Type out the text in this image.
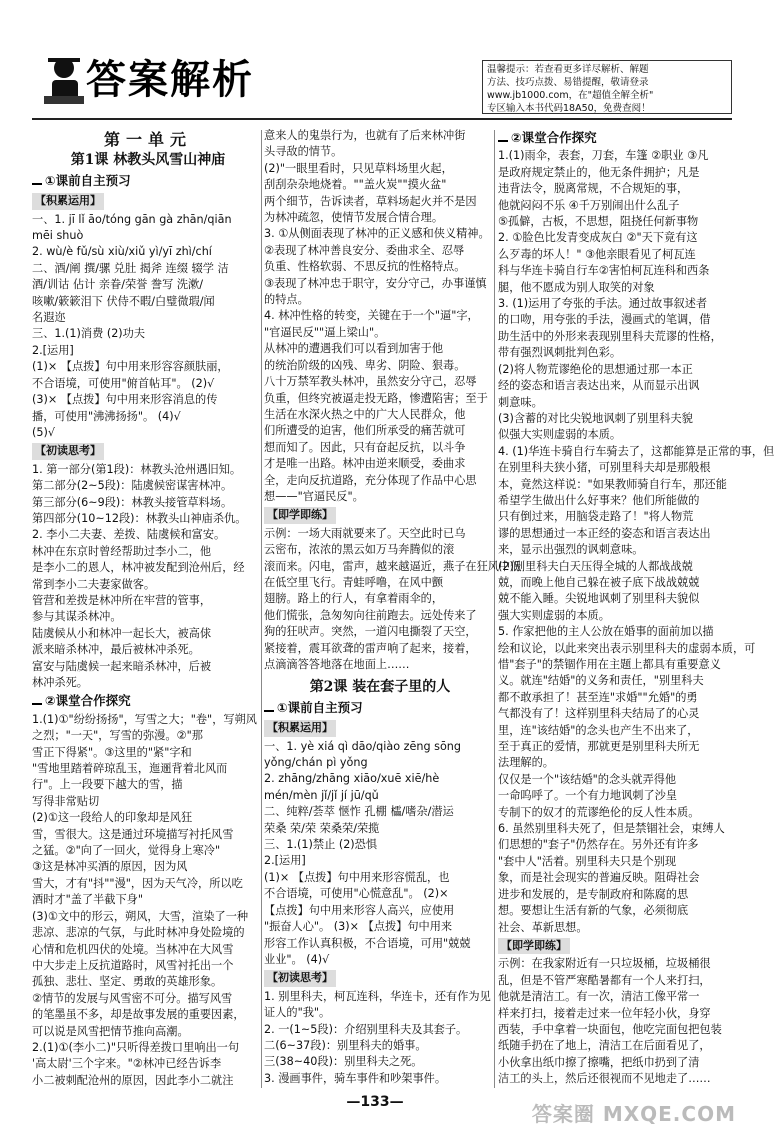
答案解析	温馨提示：若查看更多详尽解析、解题
方法、技巧点拨、易错提醒，敬请登录
www.jb1000.com，在"超值全解全析"
专区输入本书代码18A50，免费查阅！
第一单元
第1课 林教头风雪山神庙
①课前自主预习
【积累运用】
一、1. jī lǐ āo/tóng gān gà zhān/qiān
mēi shuò
2. wù/è fǔ/sù xiù/xiǔ yì/yī zhì/chí
二、酒/阐 撰/骡 兑肚 揭斧 连缀 辍学 洁
酒/训诂 佔计 亲眷/荣誉 誊写 洗漱/
咳嗽/簌簌泪下 伏侍不暇/白璧微瑕/闻
名遐迩
三、1.(1)消费 (2)功夫
2.[运用]
(1)× 【点拨】句中用来形容容颜肤丽，
不合语境，可使用"俯首帖耳"。 (2)√
(3)× 【点拨】句中用来形容消息的传
播，可使用"沸沸扬扬"。 (4)√
(5)√
【初读思考】
1. 第一部分(第1段)：林教头沧州遇旧知。
第二部分(2~5段)：陆虞候密谋害林冲。
第三部分(6~9段)：林教头接管草料场。
第四部分(10~12段)：林教头山神庙杀仇。
2. 李小二夫妻、差拨、陆虞候和富安。
林冲在东京时曾经帮助过李小二，他
是李小二的恩人，林冲被发配到沧州后，经
常到李小二夫妻家做客。
管营和差拨是林冲所在牢营的管事，
参与其谋杀林冲。
陆虞候从小和林冲一起长大，被高俅
派来暗杀林冲，最后被林冲杀死。
富安与陆虞候一起来暗杀林冲，后被
林冲杀死。
②课堂合作探究
1.(1)①"纷纷扬扬"，写雪之大；"卷"，写朔风
之烈；"一天"，写雪的弥漫。②"那
雪正下得紧"。③这里的"紧"字和
"雪地里踏着碎琼乱玉，迤逦背着北风而
行"。上一段要下越大的雪，描
写得非常贴切
(2)①这一段给人的印象却是风狂
雪，雪很大。这是通过环境描写衬托风雪
之猛。②"向了一回火，觉得身上寒冷"
③这是林冲买酒的原因，因为风
雪大，才有"抖""漫"，因为天气冷，所以吃
酒时才"盖了半截下身"
(3)①文中的形云，朔风，大雪，渲染了一种
悲凉、悲凉的气氛，与此时林冲身处险境的
心情和危机四伏的处境。当林冲在大风雪
中大步走上反抗道路时，风雪衬托出一个
孤独、悲壮、坚定、勇敢的英雄形象。
②情节的发展与风雪密不可分。描写风雪
的笔墨虽不多，却是故事发展的重要因素，
可以说是风雪把情节推向高潮。
2.(1)①(李小二)"只听得差拨口里响出一句
'高太尉'三个字来。"②林冲已经告诉李
小二被刺配沧州的原因，因此李小二就注
意来人的鬼祟行为，也就有了后来林冲街
头寻敌的情节。
(2)"一眼里看时，只见草料场里火起，
刮刮杂杂地烧着。""盖火炭""摸火盆"
两个细节，告诉读者，草料场起火并不是因
为林冲疏忽，使情节发展合情合理。
3. ①从侧面表现了林冲的正义感和侠义精神。
②表现了林冲善良安分、委曲求全、忍辱
负重、性格软弱、不思反抗的性格特点。
③表现了林冲忠于职守，安分守己，办事谨慎
的特点。
4. 林冲性格的转变，关键在于一个"逼"字，
"官逼民反""逼上梁山"。
从林冲的遭遇我们可以看到加害于他
的统治阶级的凶残、卑劣、阴险、狠毒。
八十万禁军教头林冲，虽然安分守己，忍辱
负重，但终究被逼走投无路，惨遭陷害；至于
生活在水深火热之中的广大人民群众，他
们所遭受的迫害，他们所承受的痛苦就可
想而知了。因此，只有奋起反抗，以斗争
才是唯一出路。林冲由逆来顺受，委曲求
全，走向反抗道路，充分体现了作品中心思
想——"官逼民反"。
【即学即练】
示例：一场大雨就要来了。天空此时已乌
云密布，浓浓的黑云如万马奔腾似的滚
滚而来。闪电，雷声，越来越逼近，燕子在狂风中低
在低空里飞行。青蛙呼噜，在风中颤
翅膀。路上的行人，有拿着雨伞的，
他们慌张，急匆匆向往前跑去。远处传来了
狗的狂吠声。突然，一道闪电撕裂了天空，
紧接着，震耳欲聋的雷声响了起来，接着，
点滴滴答答地落在地面上……
第2课 装在套子里的人
①课前自主预习
【积累运用】
一、1. yè xiá qì dāo/qiào zēng sōng
yǒng/chán pì yǒng
2. zhāng/zhāng xiāo/xuē xiē/hè
mén/mèn jǐ/jǐ jí jū/qǔ
二、纯粹/荟萃 惬怍 孔棚 櫺/嗜杂/潜运
荣桑 荣/荣 荣桑荣/荣揽
三、1.(1)禁止 (2)恐惧
2.[运用]
(1)× 【点拨】句中用来形容慌乱，也
不合语境，可使用"心慌意乱"。 (2)×
【点拨】句中用来形容人高兴，应使用
"振奋人心"。 (3)× 【点拨】句中用来
形容工作认真积极，不合语境，可用"兢兢
业业"。 (4)√
【初读思考】
1. 别里科夫，柯瓦连科，华连卡，还有作为见
证人的"我"。
2. 一(1~5段)：介绍别里科夫及其套子。
二(6~37段)：别里科夫的婚事。
三(38~40段)：别里科夫之死。
3. 漫画事件，骑车事件和吵架事件。
②课堂合作探究
1.(1)雨伞，表套，刀套，车篷 ②职业 ③凡
是政府规定禁止的，他无条件拥护；凡是
违背法令，脱离常规，不合规矩的事，
他就闷闷不乐 ④千万别闹出什么乱子
⑤孤僻，古板，不思想，阻挠任何新事物
2. ①脸色比发青变成灰白 ②"天下竟有这
么歹毒的坏人！" ③他亲眼看见了柯瓦连
科与华连卡骑自行车②害怕柯瓦连科和西条
腿，他不愿成为别人取笑的对象
3. (1)运用了夸张的手法。通过故事叙述者
的口吻，用夸张的手法，漫画式的笔调，借
助生活中的外形来表现别里科夫荒谬的性格，
带有强烈讽刺批判色彩。
(2)将人物荒谬绝伦的思想通过那一本正
经的姿态和语言表达出来，从而显示出讽
刺意味。
(3)含蓄的对比尖锐地讽刺了别里科夫貌
似强大实则虚弱的本质。
4. (1)华连卡骑自行车骑去了，这都能算是正常的事，但
在别里科夫狭小猪，可别里科夫却是那般根
本，竟然这样说："如果教师骑自行车，那还能
希望学生做出什么好事来？他们所能做的
只有倒过来，用脑袋走路了！"将人物荒
谬的思想通过一本正经的姿态和语言表达出
来，显示出强烈的讽刺意味。
(2)别里科夫白天压得全城的人都战战兢
兢，而晚上他自己躲在被子底下战战兢兢
兢不能入睡。尖锐地讽刺了别里科夫貌似
强大实则虚弱的本质。
5. 作家把他的主人公放在婚事的面前加以描
绘和议论，以此来突出表示别里科夫的虚弱本质，可
惜"套子"的禁锢作用在主题上都具有重要意义
义。就连"结婚"的义务和责任，"别里科夫
都不敢承担了！甚至连"求婚""允婚"的勇
气都没有了！这样别里科夫结局了的心灵
里，连"该结婚"的念头也产生不出来了，
至于真正的爱情，那就更是别里科夫所无
法理解的。
仅仅是一个"该结婚"的念头就弄得他
一命呜呼了。一个有力地讽刺了沙皇
专制下的奴才的荒谬绝伦的反人性本质。
6. 虽然别里科夫死了，但是禁锢社会，束缚人
们思想的"套子"仍然存在。另外还有许多
"套中人"活着。别里科夫只是个别现
象，而是社会现实的普遍反映。阻碍社会
进步和发展的，是专制政府和陈腐的思
想。要想让生活有新的气象，必须彻底
社会、革新思想。
【即学即练】
示例：在我家附近有一只垃圾桶，垃圾桶很
乱，但是不管严寒酷暑都有一个人来打扫，
他就是清洁工。有一次，清洁工像平常一
样来打扫，接着走过来一位年轻小伙，身穿
西装，手中拿着一块面包，他吃完面包把包装
纸随手扔在了地上，清洁工在后面看见了，
小伙拿出纸巾擦了擦嘴，把纸巾扔到了清
洁工的头上，然后还很视而不见地走了……
—133—	答案圈 MXQE.COM
